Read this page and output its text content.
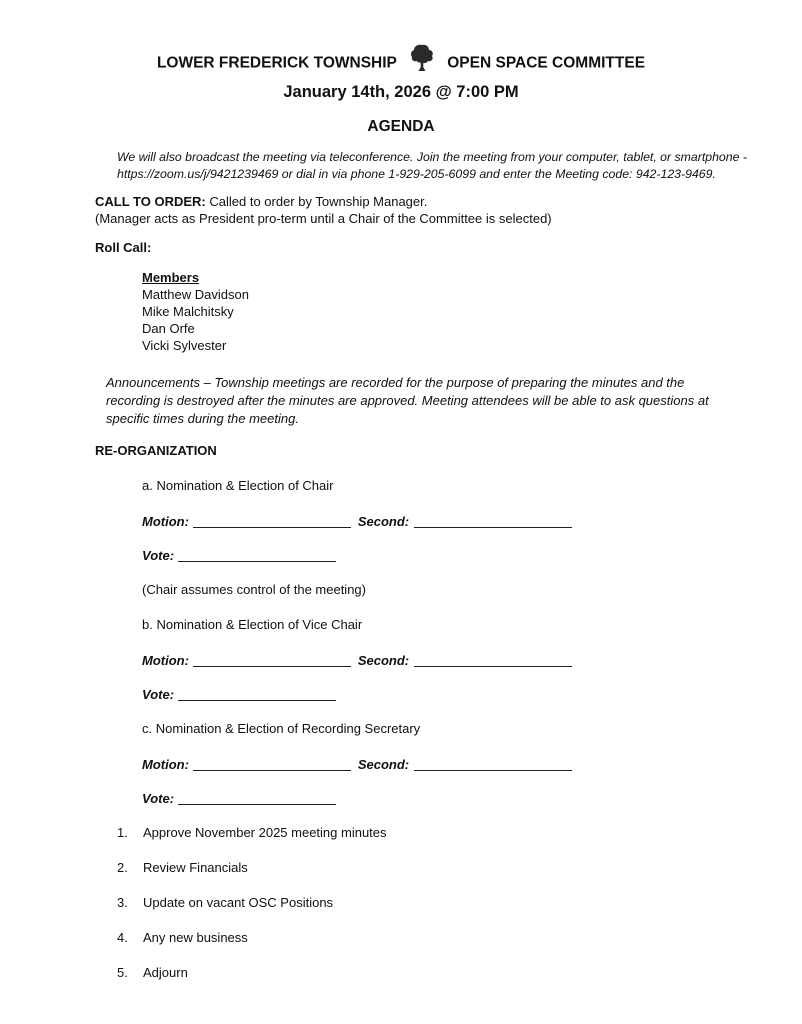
LOWER FREDERICK TOWNSHIP	OPEN SPACE COMMITTEE
January 14th, 2026 @ 7:00 PM
AGENDA
We will also broadcast the meeting via teleconference. Join the meeting from your computer, tablet, or smartphone -
https://zoom.us/j/9421239469 or dial in via phone 1-929-205-6099 and enter the Meeting code: 942-123-9469.
CALL TO ORDER: Called to order by Township Manager.
(Manager acts as President pro-term until a Chair of the Committee is selected)
Roll Call:
Members
Matthew Davidson
Mike Malchitsky
Dan Orfe
Vicki Sylvester
Announcements – Township meetings are recorded for the purpose of preparing the minutes and the
recording is destroyed after the minutes are approved. Meeting attendees will be able to ask questions at
specific times during the meeting.
RE-ORGANIZATION
a. Nomination & Election of Chair
Motion:	Second:
Vote:
(Chair assumes control of the meeting)
b. Nomination & Election of Vice Chair
Motion:	Second:
Vote:
c. Nomination & Election of Recording Secretary
Motion:	Second:
Vote:
1. Approve November 2025 meeting minutes
2. Review Financials
3. Update on vacant OSC Positions
4. Any new business
5. Adjourn
